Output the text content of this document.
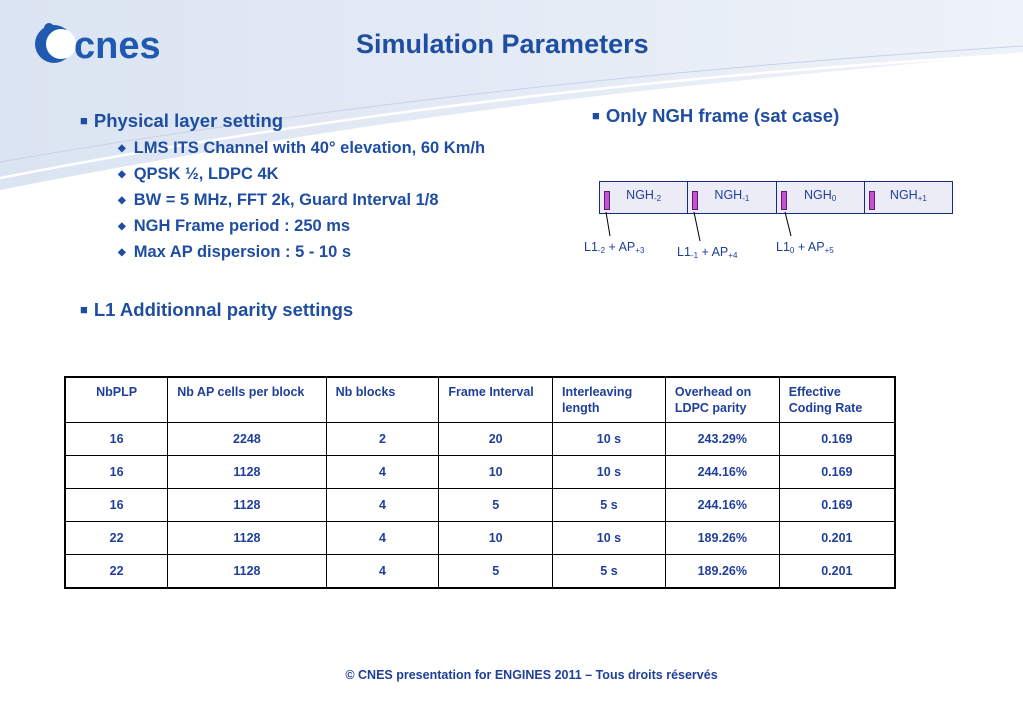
cnes	Simulation Parameters
■ Physical layer setting
◆ LMS ITS Channel with 40° elevation, 60 Km/h
◆ QPSK ½, LDPC 4K
◆ BW = 5 MHz, FFT 2k, Guard Interval 1/8
◆ NGH Frame period : 250 ms
◆ Max AP dispersion : 5 - 10 s
■ Only NGH frame (sat case)
$NGH_{-2}$	$NGH_{-1}$	$NGH_0$	$NGH_{+1}$
$L1_{-2} + AP_{+3}$	$L1_{-1} + AP_{+4}$
$L1_0 + AP_{+5}$
■ L1 Additionnal parity settings
NbPLP	Nb AP cells per block	Nb blocks	Frame Interval	Interleaving length	Overhead on LDPC parity	Effective Coding Rate
16	2248	2	20	10 s	243.29%	0.169
16	1128	4	10	10 s	244.16%	0.169
16	1128	4	5	5 s	244.16%	0.169
22	1128	4	10	10 s	189.26%	0.201
22	1128	4	5	5 s	189.26%	0.201
© CNES presentation for ENGINES 2011 – Tous droits réservés
